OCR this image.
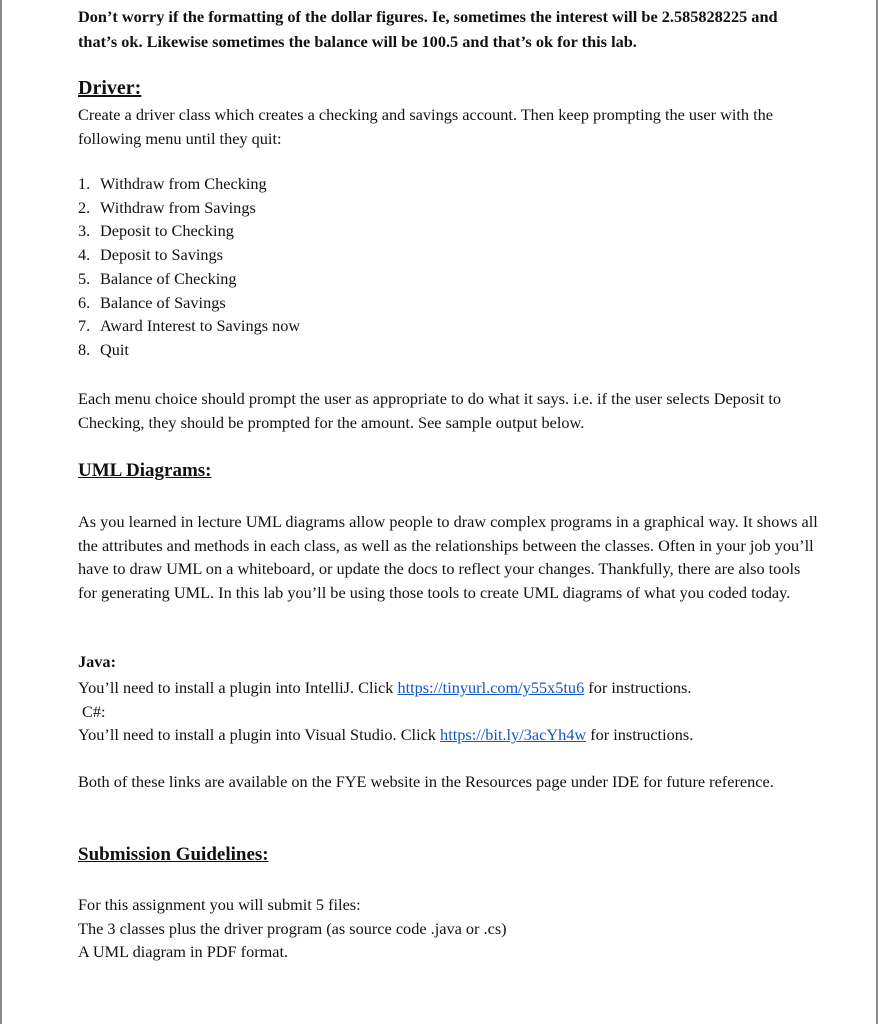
Don’t worry if the formatting of the dollar figures. Ie, sometimes the interest will be 2.585828225 and that’s ok. Likewise sometimes the balance will be 100.5 and that’s ok for this lab.

Driver:

Create a driver class which creates a checking and savings account. Then keep prompting the user with the following menu until they quit:

1. Withdraw from Checking
2. Withdraw from Savings
3. Deposit to Checking
4. Deposit to Savings
5. Balance of Checking
6. Balance of Savings
7. Award Interest to Savings now
8. Quit

Each menu choice should prompt the user as appropriate to do what it says. i.e. if the user selects Deposit to Checking, they should be prompted for the amount. See sample output below.

UML Diagrams:

As you learned in lecture UML diagrams allow people to draw complex programs in a graphical way. It shows all the attributes and methods in each class, as well as the relationships between the classes. Often in your job you’ll have to draw UML on a whiteboard, or update the docs to reflect your changes. Thankfully, there are also tools for generating UML. In this lab you’ll be using those tools to create UML diagrams of what you coded today.

Java:
You’ll need to install a plugin into IntelliJ. Click https://tinyurl.com/y55x5tu6 for instructions.
C#:
You’ll need to install a plugin into Visual Studio. Click https://bit.ly/3acYh4w for instructions.

Both of these links are available on the FYE website in the Resources page under IDE for future reference.

Submission Guidelines:
For this assignment you will submit 5 files:
The 3 classes plus the driver program (as source code .java or .cs)
A UML diagram in PDF format.
